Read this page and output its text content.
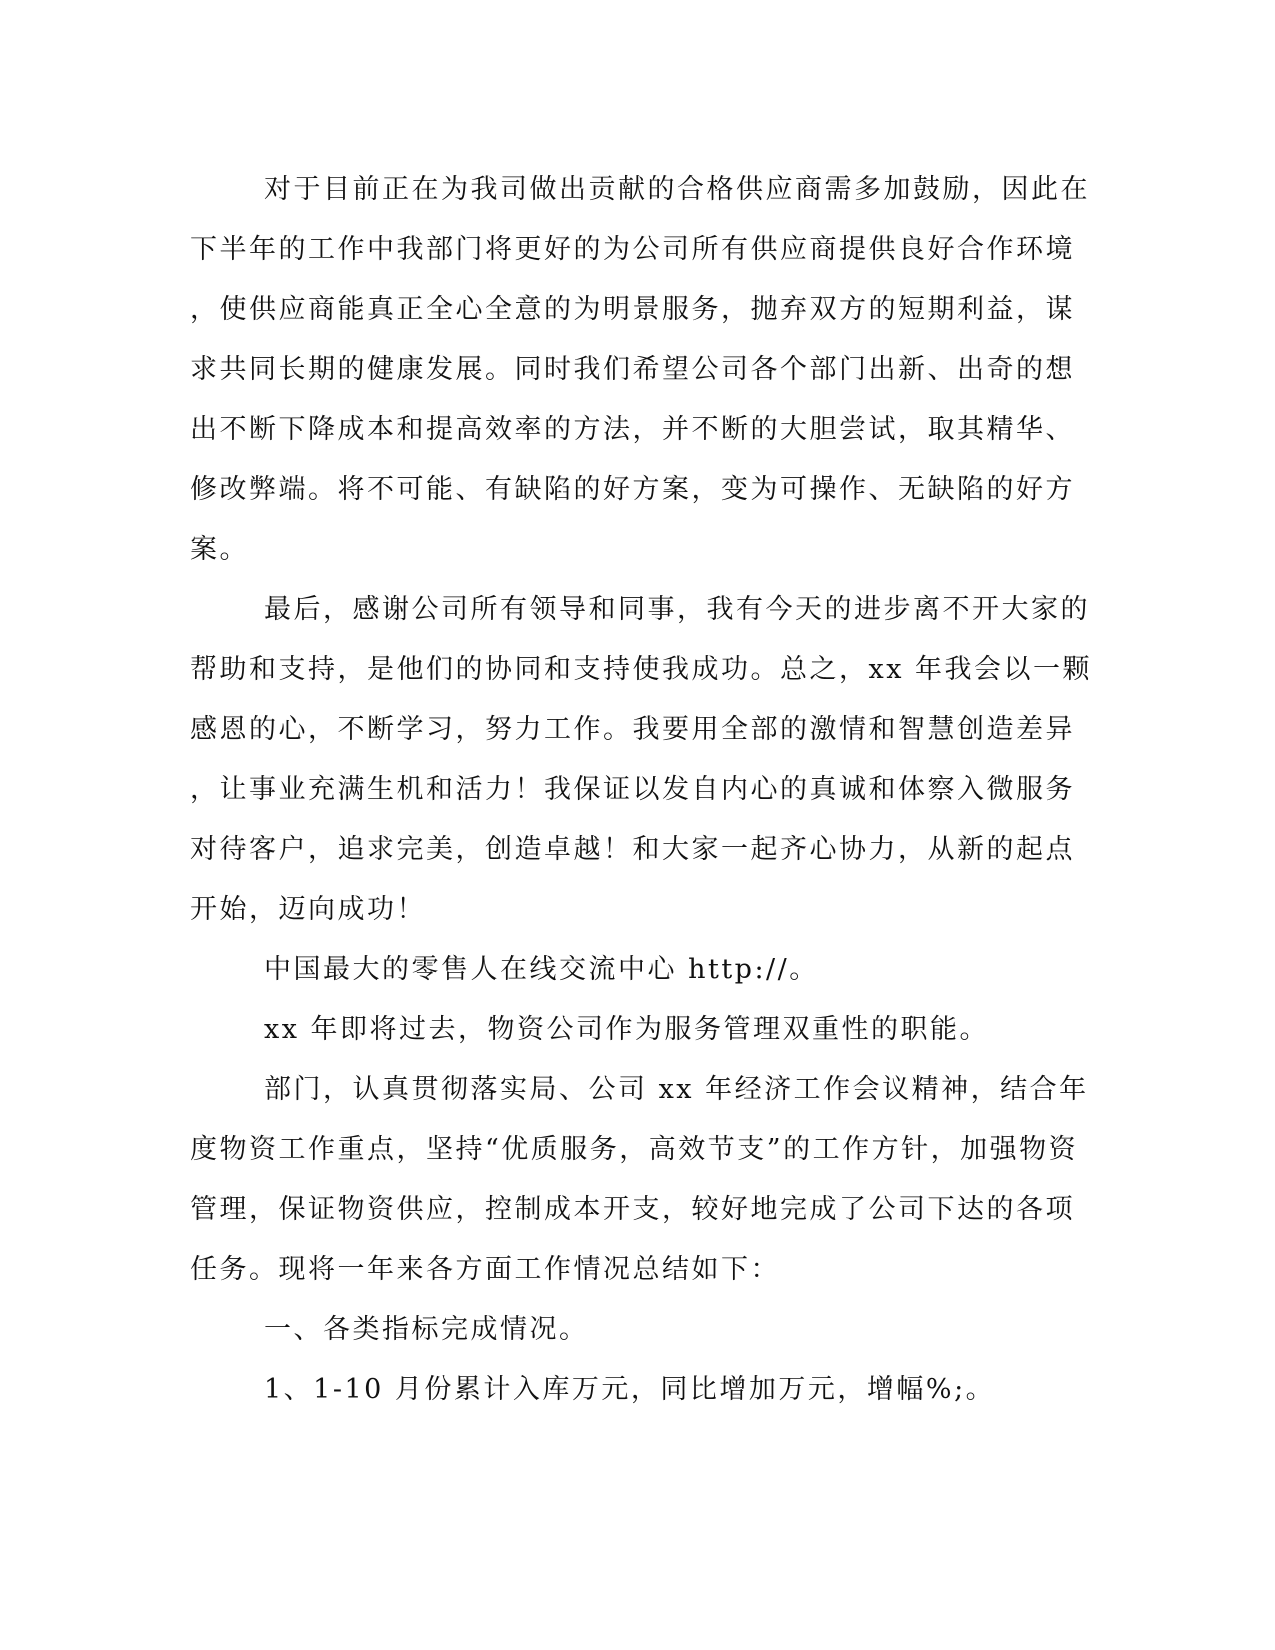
对于目前正在为我司做出贡献的合格供应商需多加鼓励，因此在
下半年的工作中我部门将更好的为公司所有供应商提供良好合作环境
，使供应商能真正全心全意的为明景服务，抛弃双方的短期利益，谋
求共同长期的健康发展。同时我们希望公司各个部门出新、出奇的想
出不断下降成本和提高效率的方法，并不断的大胆尝试，取其精华、
修改弊端。将不可能、有缺陷的好方案，变为可操作、无缺陷的好方
案。
最后，感谢公司所有领导和同事，我有今天的进步离不开大家的
帮助和支持，是他们的协同和支持使我成功。总之，xx 年我会以一颗
感恩的心，不断学习，努力工作。我要用全部的激情和智慧创造差异
，让事业充满生机和活力！我保证以发自内心的真诚和体察入微服务
对待客户，追求完美，创造卓越！和大家一起齐心协力，从新的起点
开始，迈向成功！
中国最大的零售人在线交流中心 http://。
xx 年即将过去，物资公司作为服务管理双重性的职能。
部门，认真贯彻落实局、公司 xx 年经济工作会议精神，结合年
度物资工作重点，坚持“优质服务，高效节支”的工作方针，加强物资
管理，保证物资供应，控制成本开支，较好地完成了公司下达的各项
任务。现将一年来各方面工作情况总结如下：
一、各类指标完成情况。
1、1-10 月份累计入库万元，同比增加万元，增幅%;。
